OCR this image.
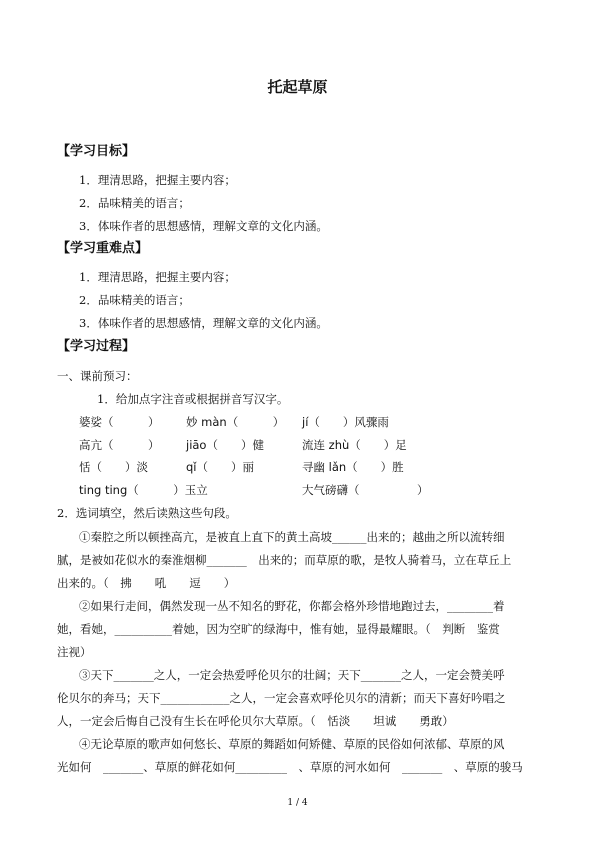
托起草原
【学习目标】
1．理清思路，把握主要内容；
2．品味精美的语言；
3．体味作者的思想感情，理解文章的文化内涵。
【学习重难点】
1．理清思路，把握主要内容；
2．品味精美的语言；
3．体味作者的思想感情，理解文章的文化内涵。
【学习过程】
一、课前预习：
1．给加点字注音或根据拼音写汉字。
婆娑（　　　） 妙 màn（　　　） jí（　　）风骤雨
高亢（　　　） jiāo（　　）健	流连 zhù（　　）足
恬（　　）淡	qǐ（　　）丽	寻幽 lǎn（　　）胜
ting ting（　　　）玉立	大气磅礴（　　　　　）
2．选词填空，然后读熟这些句段。
①秦腔之所以顿挫高亢，是被直上直下的黄土高坡______出来的；越曲之所以流转细
腻，是被如花似水的秦淮烟柳_______　出来的；而草原的歌，是牧人骑着马，立在草丘上
出来的。（　拂　　吼　　逗　　）
②如果行走间，偶然发现一丛不知名的野花，你都会格外珍惜地跑过去，________着
她，看她，__________着她，因为空旷的绿海中，惟有她，显得最耀眼。（　判断　鉴赏
注视）
③天下_______之人，一定会热爱呼伦贝尔的壮阔；天下_______之人，一定会赞美呼
伦贝尔的奔马；天下____________之人，一定会喜欢呼伦贝尔的清新；而天下喜好吟唱之
人，一定会后悔自己没有生长在呼伦贝尔大草原。（　恬淡　　坦诚　　勇敢）
④无论草原的歌声如何悠长、草原的舞蹈如何矫健、草原的民俗如何浓郁、草原的风
光如何　_______、草原的鲜花如何_________　、草原的河水如何　_______　、草原的骏马
1 / 4
